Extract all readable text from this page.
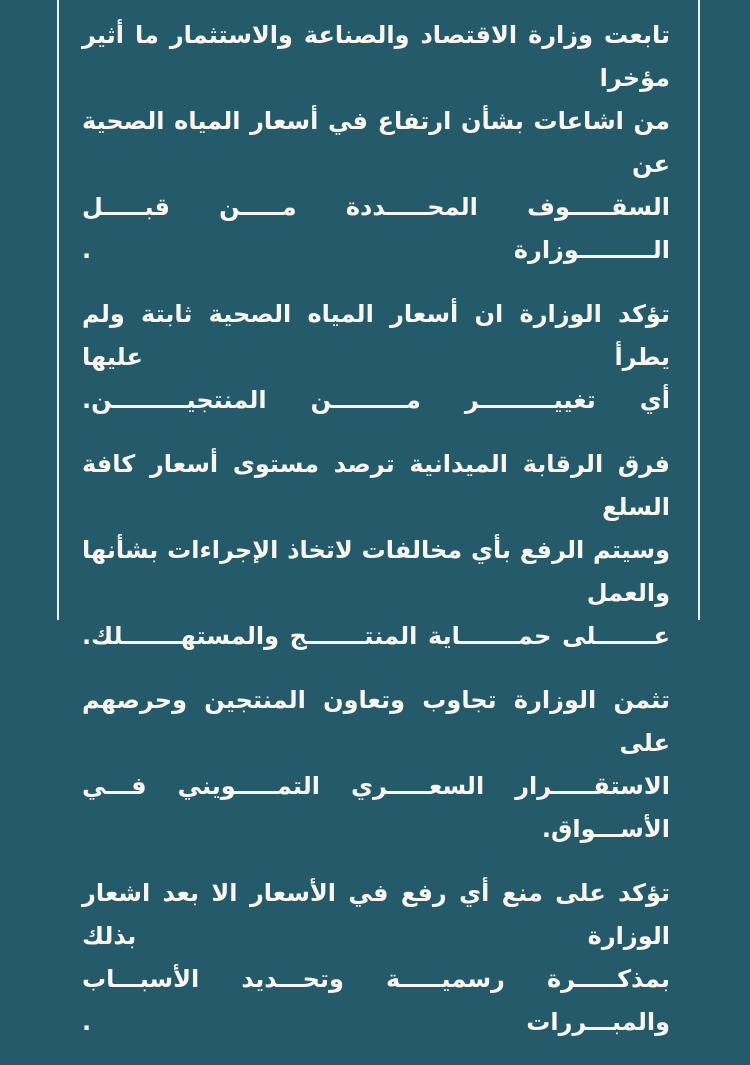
تابعت وزارة الاقتصاد والصناعة والاستثمار ما أثير مؤخرا
من اشاعات بشأن ارتفاع في أسعار المياه الصحية عن
السقـــــوف المحـــــددة مـــــن قبـــــل الـــــــــوزارة .
تؤكد الوزارة ان أسعار المياه الصحية ثابتة ولم يطرأ عليها
أي تغييـــــــــر مـــــــــن المنتجيـــــــــن.
فرق الرقابة الميدانية ترصد مستوى أسعار كافة السلع
وسيتم الرفع بأي مخالفات لاتخاذ الإجراءات بشأنها والعمل
عـــــــلى حمـــــــاية المنتـــــــج والمستهـــــــلك.
تثمن الوزارة تجاوب وتعاون المنتجين وحرصهم على
الاستقـــــرار السعـــــري التمـــــويني فـــي الأســـواق.
تؤكد على منع أي رفع في الأسعار الا بعد اشعار الوزارة بذلك
بمذكـــــرة رسميـــــة وتحـــديد الأسبـــاب والمبـــررات .
